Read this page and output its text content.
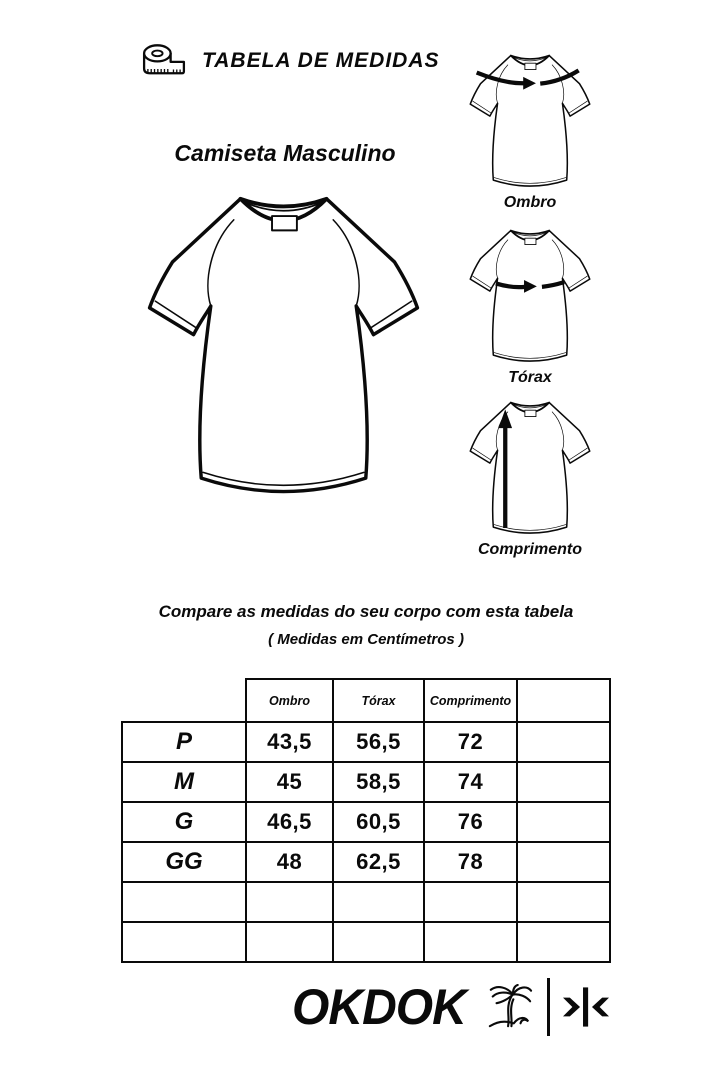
TABELA DE MEDIDAS
Camiseta Masculino
Ombro
Tórax
Comprimento
Compare as medidas do seu corpo com esta tabela
( Medidas em Centímetros )
	Ombro	Tórax	Comprimento	
P	43,5	56,5	72	
M	45	58,5	74	
G	46,5	60,5	76	
GG	48	62,5	78	

OKDOK
